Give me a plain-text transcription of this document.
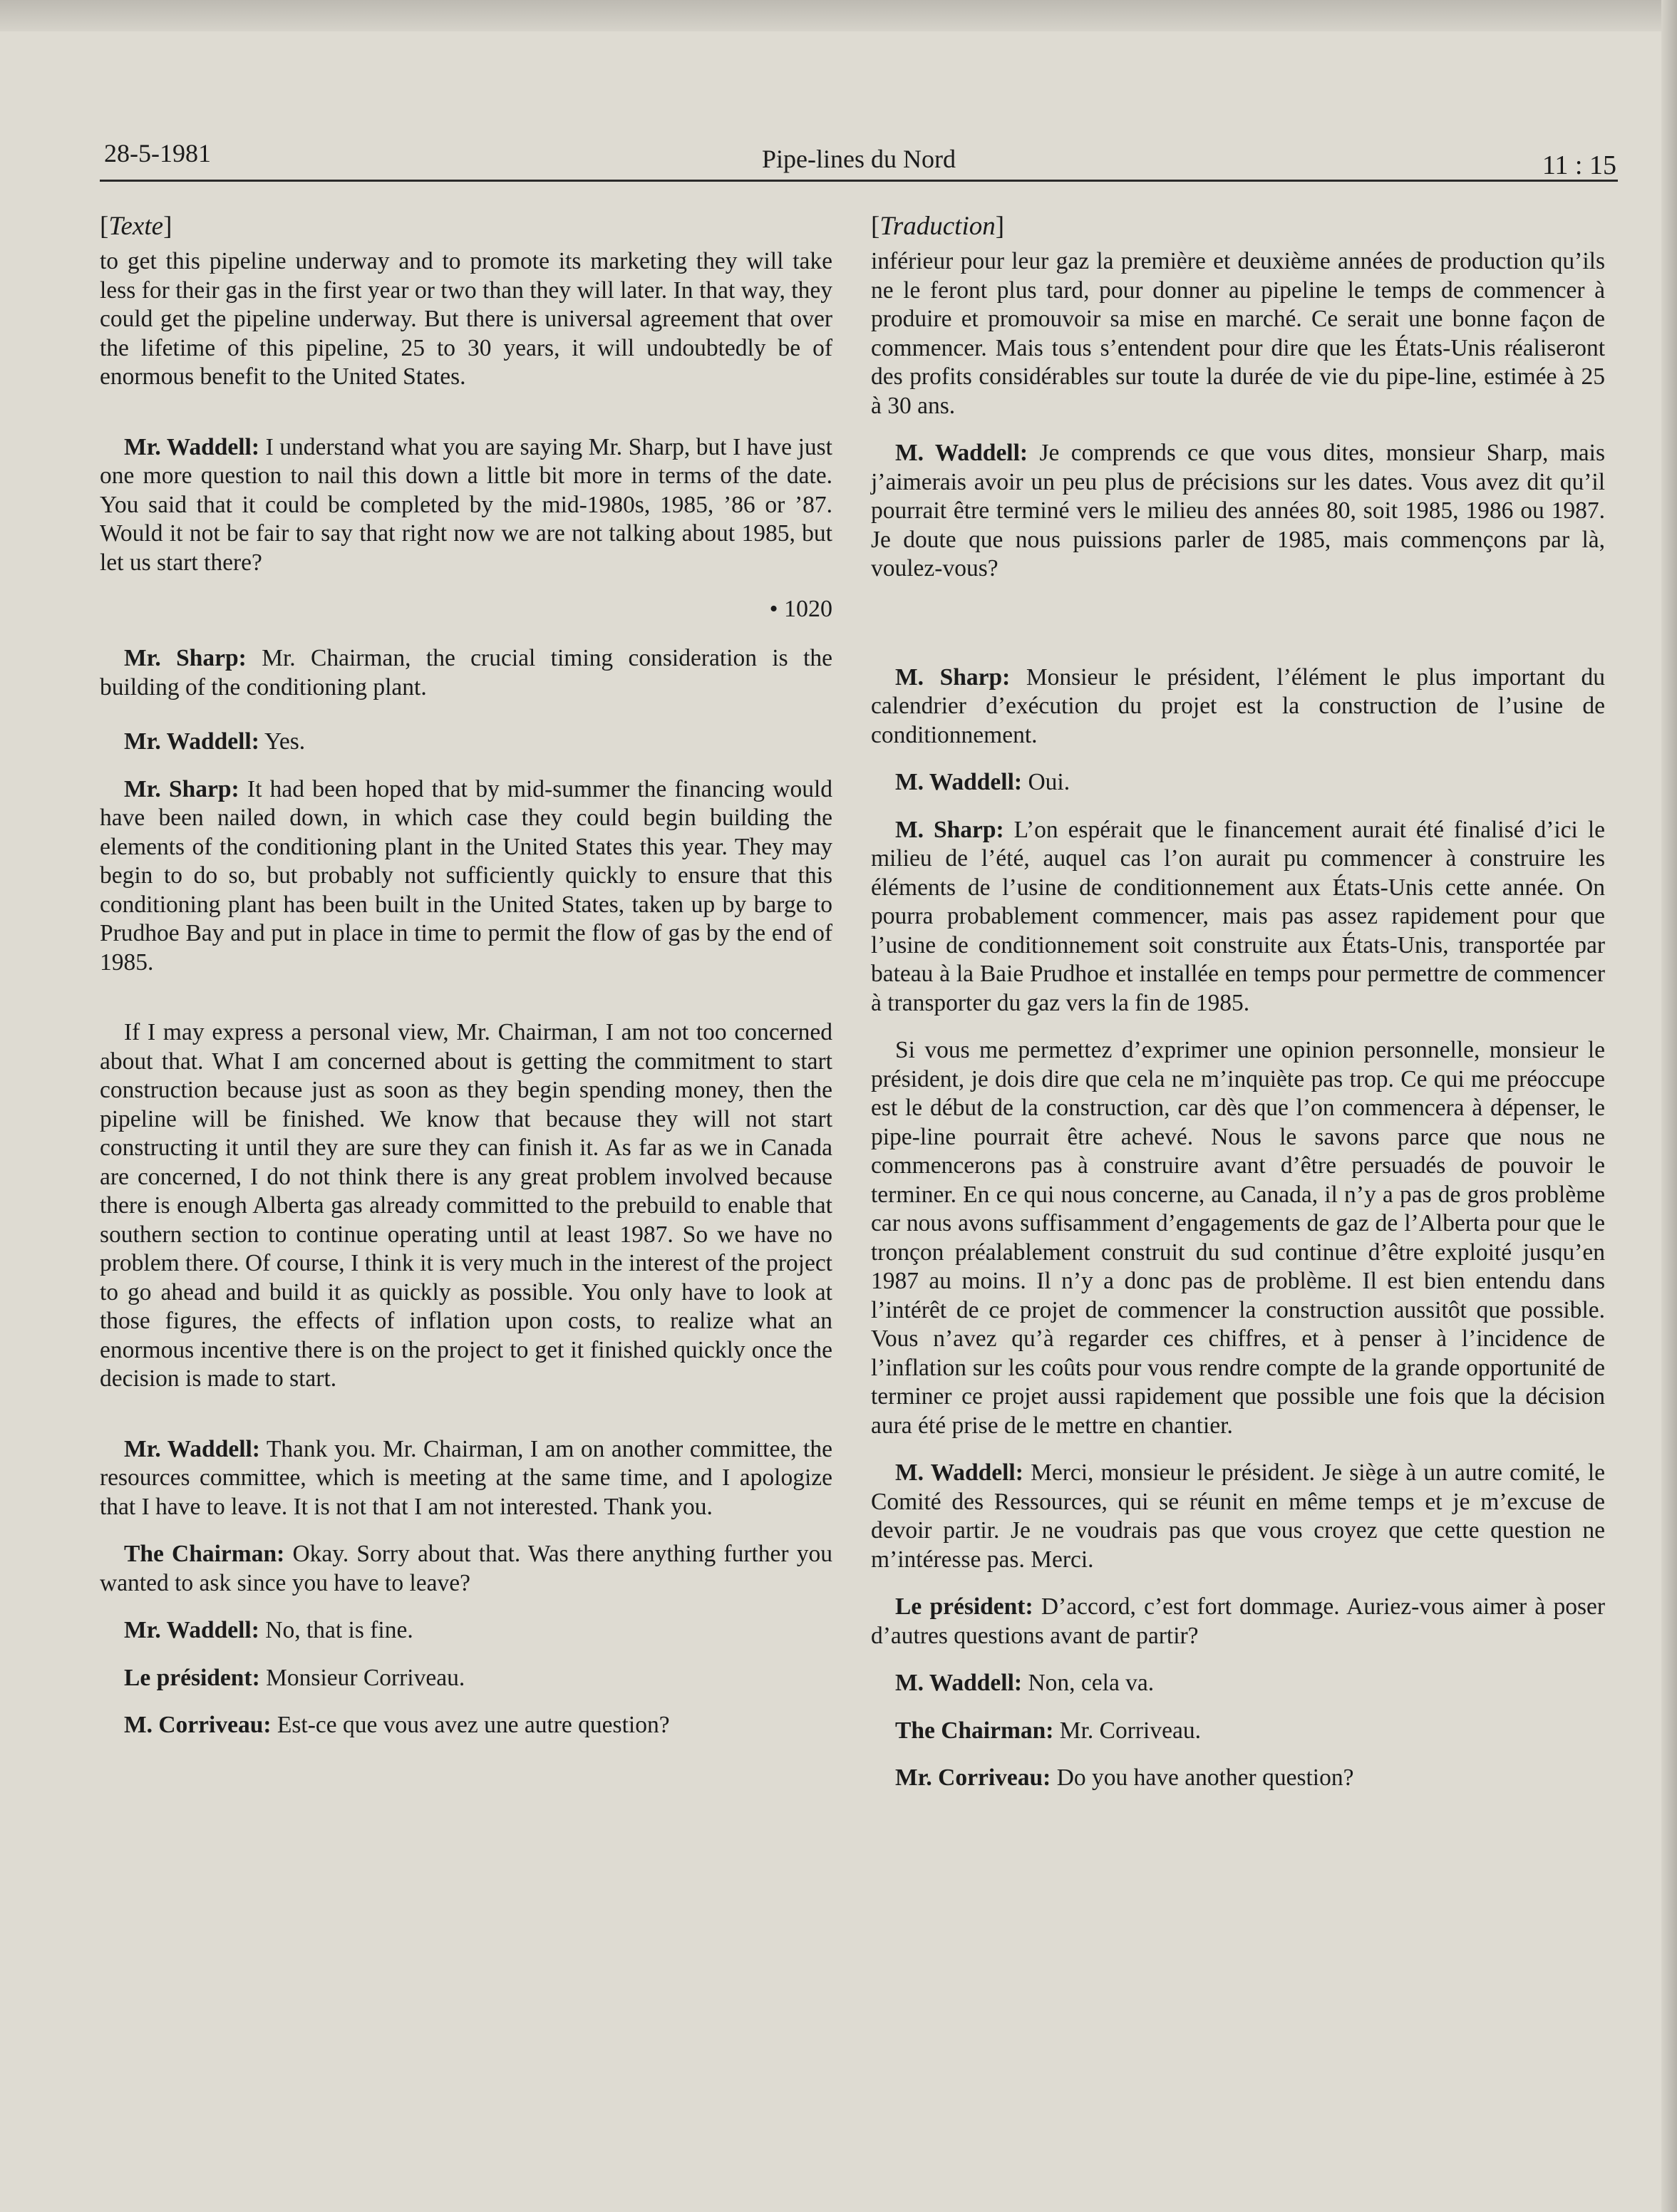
28-5-1981	Pipe-lines du Nord	11 : 15
[Texte]

to get this pipeline underway and to promote its marketing they will take less for their gas in the first year or two than they will later. In that way, they could get the pipeline underway. But there is universal agreement that over the lifetime of this pipeline, 25 to 30 years, it will undoubtedly be of enormous benefit to the United States.

Mr. Waddell: I understand what you are saying Mr. Sharp, but I have just one more question to nail this down a little bit more in terms of the date. You said that it could be completed by the mid-1980s, 1985, ’86 or ’87. Would it not be fair to say that right now we are not talking about 1985, but let us start there?

• 1020

Mr. Sharp: Mr. Chairman, the crucial timing consideration is the building of the conditioning plant.

Mr. Waddell: Yes.

Mr. Sharp: It had been hoped that by mid-summer the financing would have been nailed down, in which case they could begin building the elements of the conditioning plant in the United States this year. They may begin to do so, but probably not sufficiently quickly to ensure that this conditioning plant has been built in the United States, taken up by barge to Prudhoe Bay and put in place in time to permit the flow of gas by the end of 1985.

If I may express a personal view, Mr. Chairman, I am not too concerned about that. What I am concerned about is getting the commitment to start construction because just as soon as they begin spending money, then the pipeline will be finished. We know that because they will not start constructing it until they are sure they can finish it. As far as we in Canada are concerned, I do not think there is any great problem involved because there is enough Alberta gas already committed to the prebuild to enable that southern section to continue operating until at least 1987. So we have no problem there. Of course, I think it is very much in the interest of the project to go ahead and build it as quickly as possible. You only have to look at those figures, the effects of inflation upon costs, to realize what an enormous incentive there is on the project to get it finished quickly once the decision is made to start.

Mr. Waddell: Thank you. Mr. Chairman, I am on another committee, the resources committee, which is meeting at the same time, and I apologize that I have to leave. It is not that I am not interested. Thank you.

The Chairman: Okay. Sorry about that. Was there anything further you wanted to ask since you have to leave?

Mr. Waddell: No, that is fine.

Le président: Monsieur Corriveau.

M. Corriveau: Est-ce que vous avez une autre question?

[Traduction]

inférieur pour leur gaz la première et deuxième années de production qu’ils ne le feront plus tard, pour donner au pipeline le temps de commencer à produire et promouvoir sa mise en marché. Ce serait une bonne façon de commencer. Mais tous s’entendent pour dire que les États-Unis réaliseront des profits considérables sur toute la durée de vie du pipe-line, estimée à 25 à 30 ans.

M. Waddell: Je comprends ce que vous dites, monsieur Sharp, mais j’aimerais avoir un peu plus de précisions sur les dates. Vous avez dit qu’il pourrait être terminé vers le milieu des années 80, soit 1985, 1986 ou 1987. Je doute que nous puissions parler de 1985, mais commençons par là, voulez-vous?

M. Sharp: Monsieur le président, l’élément le plus important du calendrier d’exécution du projet est la construction de l’usine de conditionnement.

M. Waddell: Oui.

M. Sharp: L’on espérait que le financement aurait été finalisé d’ici le milieu de l’été, auquel cas l’on aurait pu commencer à construire les éléments de l’usine de conditionnement aux États-Unis cette année. On pourra probablement commencer, mais pas assez rapidement pour que l’usine de conditionnement soit construite aux États-Unis, transportée par bateau à la Baie Prudhoe et installée en temps pour permettre de commencer à transporter du gaz vers la fin de 1985.

Si vous me permettez d’exprimer une opinion personnelle, monsieur le président, je dois dire que cela ne m’inquiète pas trop. Ce qui me préoccupe est le début de la construction, car dès que l’on commencera à dépenser, le pipe-line pourrait être achevé. Nous le savons parce que nous ne commencerons pas à construire avant d’être persuadés de pouvoir le terminer. En ce qui nous concerne, au Canada, il n’y a pas de gros problème car nous avons suffisamment d’engagements de gaz de l’Alberta pour que le tronçon préalablement construit du sud continue d’être exploité jusqu’en 1987 au moins. Il n’y a donc pas de problème. Il est bien entendu dans l’intérêt de ce projet de commencer la construction aussitôt que possible. Vous n’avez qu’à regarder ces chiffres, et à penser à l’incidence de l’inflation sur les coûts pour vous rendre compte de la grande opportunité de terminer ce projet aussi rapidement que possible une fois que la décision aura été prise de le mettre en chantier.

M. Waddell: Merci, monsieur le président. Je siège à un autre comité, le Comité des Ressources, qui se réunit en même temps et je m’excuse de devoir partir. Je ne voudrais pas que vous croyez que cette question ne m’intéresse pas. Merci.

Le président: D’accord, c’est fort dommage. Auriez-vous aimer à poser d’autres questions avant de partir?

M. Waddell: Non, cela va.

The Chairman: Mr. Corriveau.

Mr. Corriveau: Do you have another question?
